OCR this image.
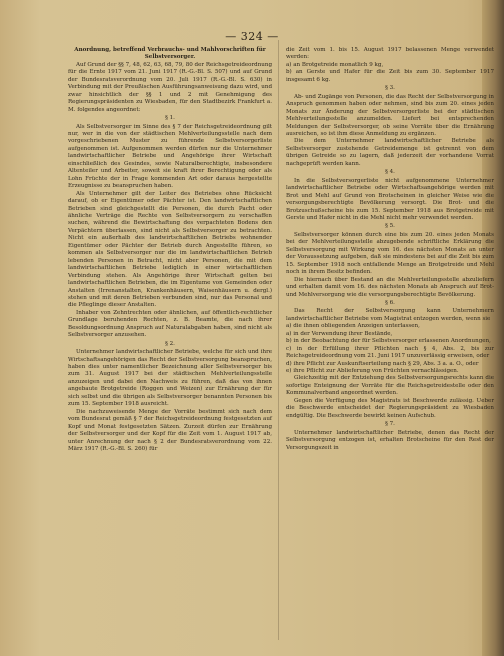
— 324 —

Anordnung, betreffend Verbrauchs- und Mahlvorschriften für Selbstversorger.

Auf Grund der §§ 7, 48, 62, 63, 68, 79, 80 der Reichsgetreideordnung für die Ernte 1917 vom 21. Juni 1917 (R.-G.-Bl. S. 507) und auf Grund der Bundesratsverordnung vom 20. Juli 1917 (R.-G.-Bl. S. 630) in Verbindung mit der Preußischen Ausführungsanweisung dazu wird, und zwar hinsichtlich der §§ 1 und 2 mit Genehmigung des Regierungspräsidenten zu Wiesbaden, für den Stadtbezirk Frankfurt a. M. folgendes angeordnet:

§ 1.

Als Selbstversorger im Sinne des § 7 der Reichsgetreideordnung gilt nur, wer in die von der städtischen Mehlverteilungsstelle nach dem vorgeschriebenen Muster zu führende Selbstversorgerliste aufgenommen ist. Aufgenommen werden dürfen nur die Unternehmer landwirtschaftlicher Betriebe und Angehörige ihrer Wirtschaft einschließlich des Gesindes, sowie Naturalberechtigte, insbesondere Altenteiler und Arbeiter, soweit sie kraft ihrer Berechtigung oder als Lohn Früchte der in Frage kommenden Art oder daraus hergestellte Erzeugnisse zu beanspruchen haben.

Als Unternehmer gilt der Leiter des Betriebes ohne Rücksicht darauf, ob er Eigentümer oder Pächter ist. Den landwirtschaftlichen Betrieben sind gleichgestellt die Personen, die durch Pacht oder ähnliche Verträge die Rechte von Selbstversorgern zu verschaffen suchen, während die Bewirtschaftung des verpachteten Bodens den Verpächtern überlassen, sind nicht als Selbstversorger zu betrachten. Nicht ein außerhalb des landwirtschaftlichen Betriebs wohnender Eigentümer oder Pächter der Betrieb durch Angestellte führen, so kommen als Selbstversorger nur die im landwirtschaftlichen Betrieb lebenden Personen in Betracht, nicht aber Personen, die mit dem landwirtschaftlichen Betriebe lediglich in einer wirtschaftlichen Verbindung stehen. Als Angehörige ihrer Wirtschaft gelten bei landwirtschaftlichen Betrieben, die im Eigentume von Gemeinden oder Anstalten (Irrenanstalten, Krankenhäusern, Waisenhäusern u. dergl.) stehen und mit deren Betrieben verbunden sind, nur das Personal und die Pfleglinge dieser Anstalten.

Inhaber von Zehntrechten oder ähnlichen, auf öffentlich-rechtlicher Grundlage beruhenden Rechten, z. B. Beamte, die nach ihrer Besoldungsordnung Anspruch auf Naturalabgaben haben, sind nicht als Selbstversorger anzusehen.

§ 2.

Unternehmer landwirtschaftlicher Betriebe, welche für sich und ihre Wirtschaftsangehörigen das Recht der Selbstversorgung beanspruchen, haben dies unter namentlicher Bezeichnung aller Selbstversorger bis zum 31. August 1917 bei der städtischen Mehlverteilungsstelle anzuzeigen und dabei den Nachweis zu führen, daß das von ihnen angebaute Brotgetreide (Roggen und Weizen) zur Ernährung der für sich selbst und die übrigen als Selbstversorger benannten Personen bis zum 15. September 1918 ausreicht.

Die nachzuweisende Menge der Vorräte bestimmt sich nach dem vom Bundesrat gemäß § 7 der Reichsgetreideordnung festgesetzten auf Kopf und Monat festgesetzten Sätzen. Zurzeit dürfen zur Ernährung der Selbstversorger und der Kopf für die Zeit vom 1. August 1917 ab, unter Anrechnung der nach § 2 der Bundesratsverordnung vom 22. März 1917 (R.-G.-Bl. S. 260) für

die Zeit vom 1. bis 15. August 1917 belassenen Menge verwendet werden:

a) an Brotgetreide monatlich 9 kg,

b) an Gerste und Hafer für die Zeit bis zum 30. September 1917 insgesamt 6 kg.

§ 3.

Ab- und Zugänge von Personen, die das Recht der Selbstversorgung in Anspruch genommen haben oder nehmen, sind bis zum 20. eines jeden Monats zur Änderung der Selbstversorgerliste bei der städtischen Mehlverteilungsstelle anzumelden. Liefert bei entsprechenden Meldungen der Selbstversorger, ob seine Vorräte über die Ernährung ausreichen, so ist ihm diese Anmeldung zu ergänzen.

Die dem Unternehmer landwirtschaftlicher Betriebe als Selbstversorger zustehende Getreidemenge ist getrennt von dem übrigen Getreide so zu lagern, daß jederzeit der vorhandene Vorrat nachgeprüft werden kann.

§ 4.

In die Selbstversorgerliste nicht aufgenommene Unternehmer landwirtschaftlicher Betriebe oder Wirtschaftsangehörige werden mit Brot und Mehl auf Grund von Brotscheinen in gleicher Weise wie die versorgungsberechtigte Bevölkerung versorgt. Die Brot- und die Brotzuschußscheine bis zum 15. September 1918 aus Brotgetreide mit Gerste und Hafer nicht in die Mehl nicht mehr verwendet werden.

§ 5.

Selbstversorger können durch eine bis zum 20. eines jeden Monats bei der Mehlverteilungsstelle abzugebende schriftliche Erklärung die Selbstversorgung mit Wirkung vom 16. des nächsten Monats an unter der Voraussetzung aufgeben, daß sie mindestens bei auf die Zeit bis zum 15. September 1918 noch entfallende Menge an Brotgetreide und Mehl noch in ihrem Besitz befinden.

Die hiernach über Bestand an die Mehlverteilungsstelle abzuliefern und erhalten damit vom 16. des nächsten Monats ab Anspruch auf Brot- und Mehlversorgung wie die versorgungsberechtigte Bevölkerung.

§ 6.

Das Recht der Selbstversorgung kann Unternehmern landwirtschaftlicher Betriebe vom Magistrat entzogen werden, wenn sie

a) die ihnen obliegenden Anzeigen unterlassen,

a) in der Verwendung ihrer Bestände,

b) in der Beobachtung der für Selbstversorger erlassenen Anordnungen,

c) in der Erfüllung ihrer Pflichten nach § 4, Abs. 2, bis zur Reichsgetreideordnung vom 21. Juni 1917 unzuverlässig erweisen, oder

d) ihre Pflicht zur Auskunftserteilung nach § 29, Abs. 3 a. a. O., oder

e) ihre Pflicht zur Ablieferung von Früchten vernachlässigen.

Gleichzeitig mit der Entziehung des Selbstversorgungsrechts kann die sofortige Enteignung der Vorräte für die Reichsgetreidestelle oder den Kommunalverband angeordnet werden.

Gegen die Verfügung des Magistrats ist Beschwerde zulässig. Ueber die Beschwerde entscheidet der Regierungspräsident zu Wiesbaden endgültig. Die Beschwerde bewirkt keinen Aufschub.

§ 7.

Unternehmer landwirtschaftlicher Betriebe, denen das Recht der Selbstversorgung entzogen ist, erhalten Brotscheine für den Rest der Versorgungszeit in
